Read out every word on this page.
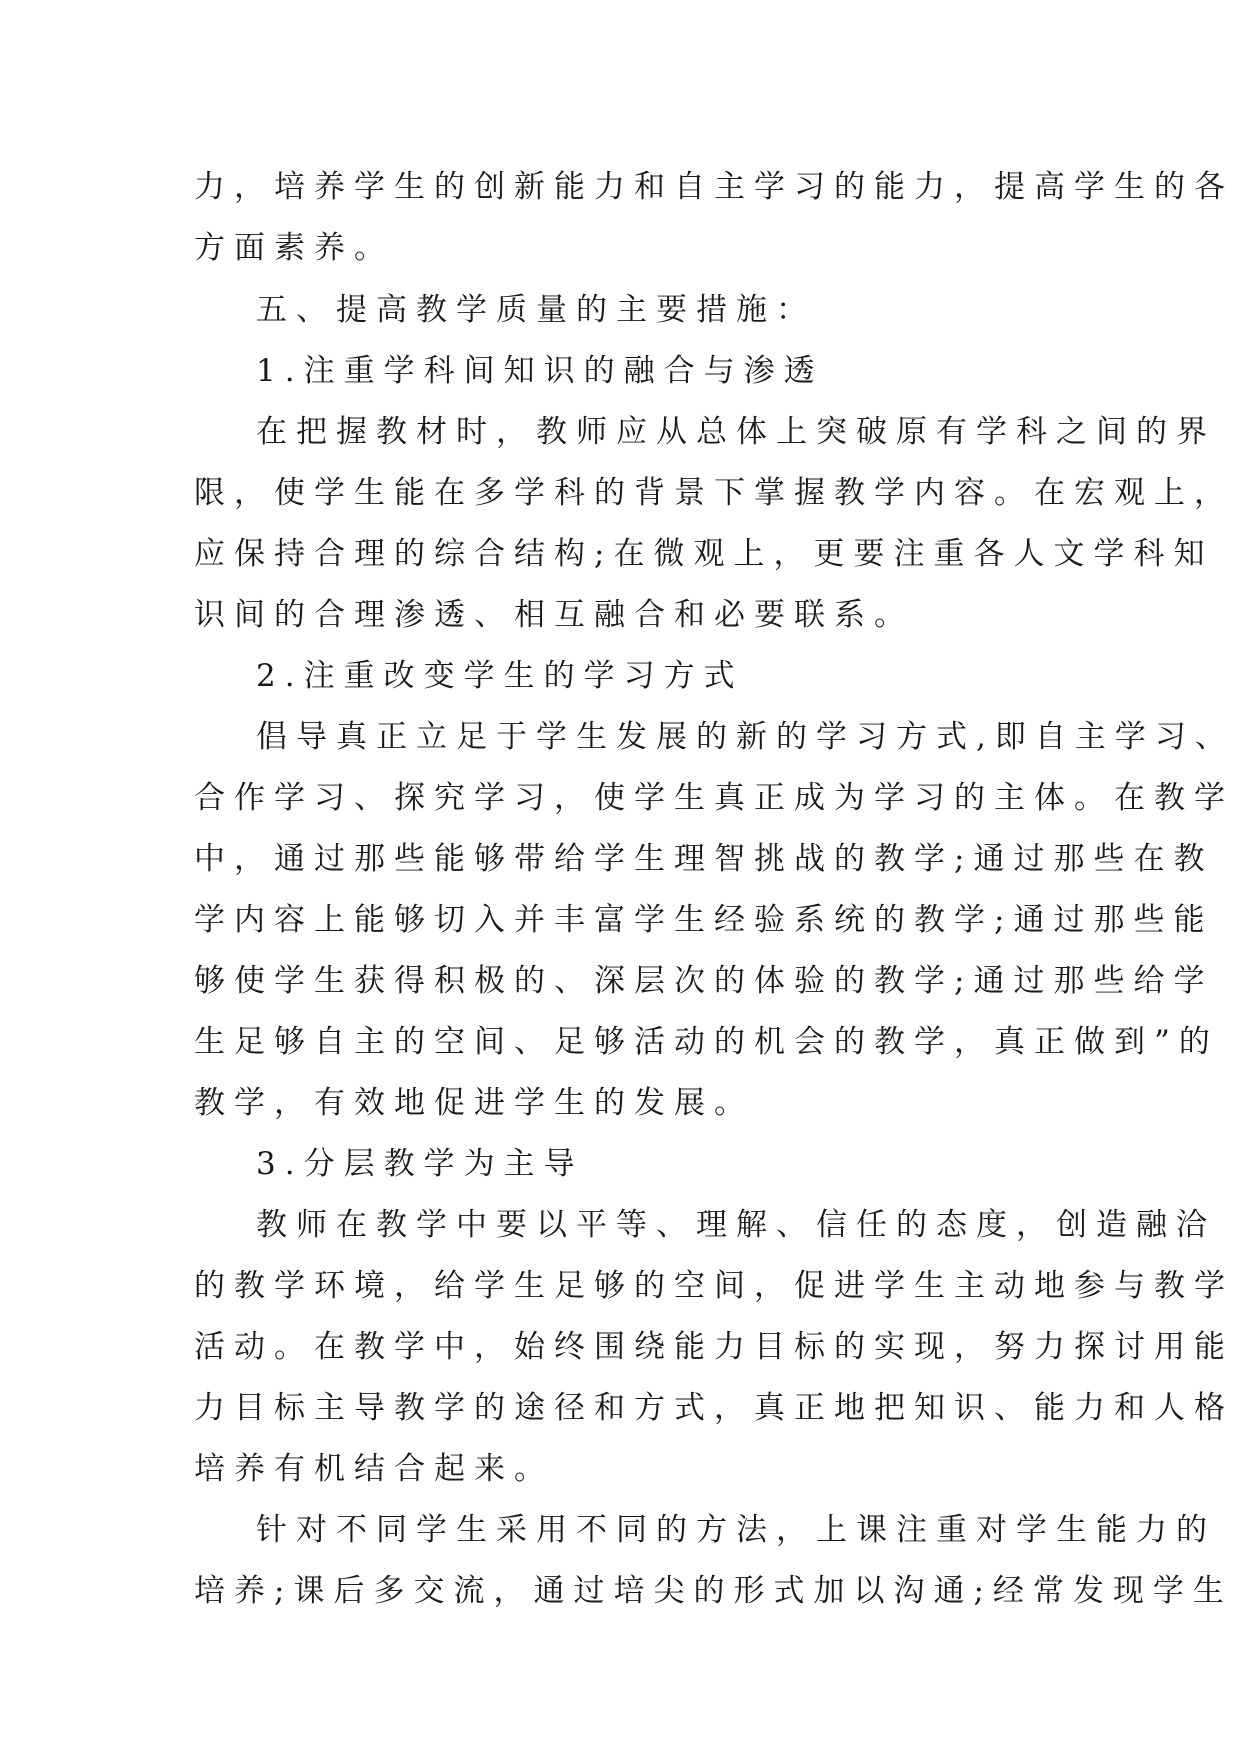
力，培养学生的创新能力和自主学习的能力，提高学生的各
方面素养。
五、提高教学质量的主要措施：
1.注重学科间知识的融合与渗透
在把握教材时，教师应从总体上突破原有学科之间的界
限，使学生能在多学科的背景下掌握教学内容。在宏观上，
应保持合理的综合结构;在微观上，更要注重各人文学科知
识间的合理渗透、相互融合和必要联系。
2.注重改变学生的学习方式
倡导真正立足于学生发展的新的学习方式,即自主学习、
合作学习、探究学习，使学生真正成为学习的主体。在教学
中，通过那些能够带给学生理智挑战的教学;通过那些在教
学内容上能够切入并丰富学生经验系统的教学;通过那些能
够使学生获得积极的、深层次的体验的教学;通过那些给学
生足够自主的空间、足够活动的机会的教学，真正做到”的
教学，有效地促进学生的发展。
3.分层教学为主导
教师在教学中要以平等、理解、信任的态度，创造融洽
的教学环境，给学生足够的空间，促进学生主动地参与教学
活动。在教学中，始终围绕能力目标的实现，努力探讨用能
力目标主导教学的途径和方式，真正地把知识、能力和人格
培养有机结合起来。
针对不同学生采用不同的方法，上课注重对学生能力的
培养;课后多交流，通过培尖的形式加以沟通;经常发现学生
